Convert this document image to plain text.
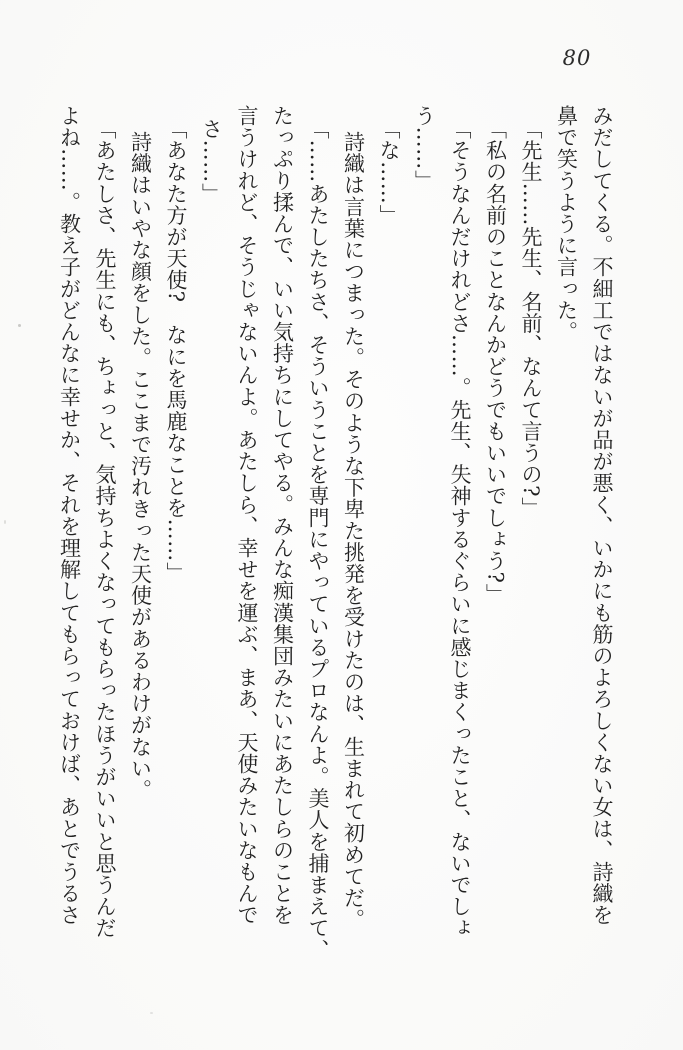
80
みだしてくる。不細工ではないが品が悪く、いかにも筋のよろしくない女は、詩織を
鼻で笑うように言った。
「先生……先生、名前、なんて言うの?」
「私の名前のことなんかどうでもいいでしょう?」
「そうなんだけれどさ……。先生、失神するぐらいに感じまくったこと、ないでしょ
う……」
「な……」
詩織は言葉につまった。そのような下卑た挑発を受けたのは、生まれて初めてだ。
「……あたしたちさ、そういうことを専門にやっているプロなんよ。美人を捕まえて、
たっぷり揉んで、いい気持ちにしてやる。みんな痴漢集団みたいにあたしらのことを
言うけれど、そうじゃないんよ。あたしら、幸せを運ぶ、まあ、天使みたいなもんで
さ……」
「あなた方が天使?　なにを馬鹿なことを……」
詩織はいやな顔をした。ここまで汚れきった天使があるわけがない。
「あたしさ、先生にも、ちょっと、気持ちよくなってもらったほうがいいと思うんだ
よね……。教え子がどんなに幸せか、それを理解してもらっておけば、あとでうるさ
